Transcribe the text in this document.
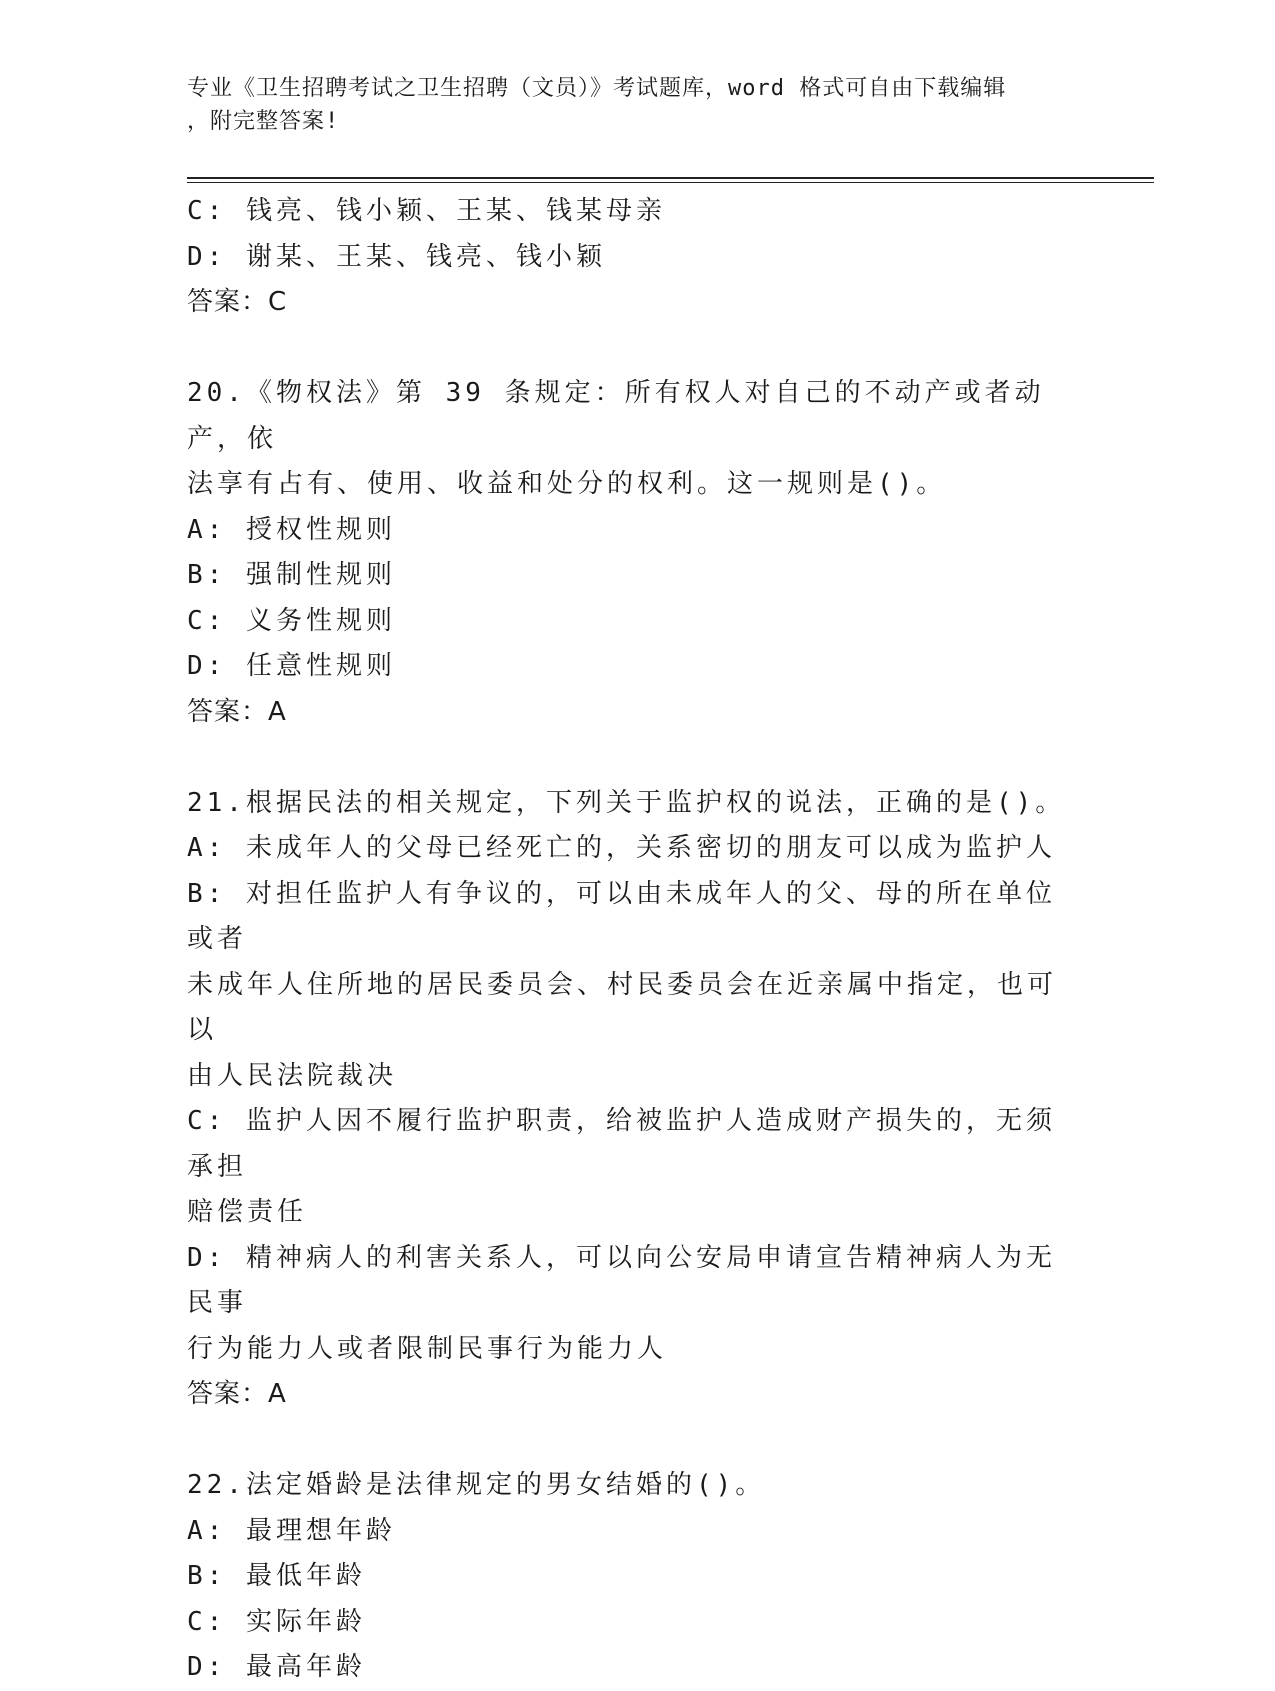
专业《卫生招聘考试之卫生招聘（文员）》考试题库，word 格式可自由下载编辑
，附完整答案!
C: 钱亮、钱小颖、王某、钱某母亲
D: 谢某、王某、钱亮、钱小颖
答案：C
20.《物权法》第 39 条规定：所有权人对自己的不动产或者动产，依
法享有占有、使用、收益和处分的权利。这一规则是()。
A: 授权性规则
B: 强制性规则
C: 义务性规则
D: 任意性规则
答案：A
21.根据民法的相关规定，下列关于监护权的说法，正确的是()。
A: 未成年人的父母已经死亡的，关系密切的朋友可以成为监护人
B: 对担任监护人有争议的，可以由未成年人的父、母的所在单位或者
未成年人住所地的居民委员会、村民委员会在近亲属中指定，也可以
由人民法院裁决
C: 监护人因不履行监护职责，给被监护人造成财产损失的，无须承担
赔偿责任
D: 精神病人的利害关系人，可以向公安局申请宣告精神病人为无民事
行为能力人或者限制民事行为能力人
答案：A
22.法定婚龄是法律规定的男女结婚的()。
A: 最理想年龄
B: 最低年龄
C: 实际年龄
D: 最高年龄
